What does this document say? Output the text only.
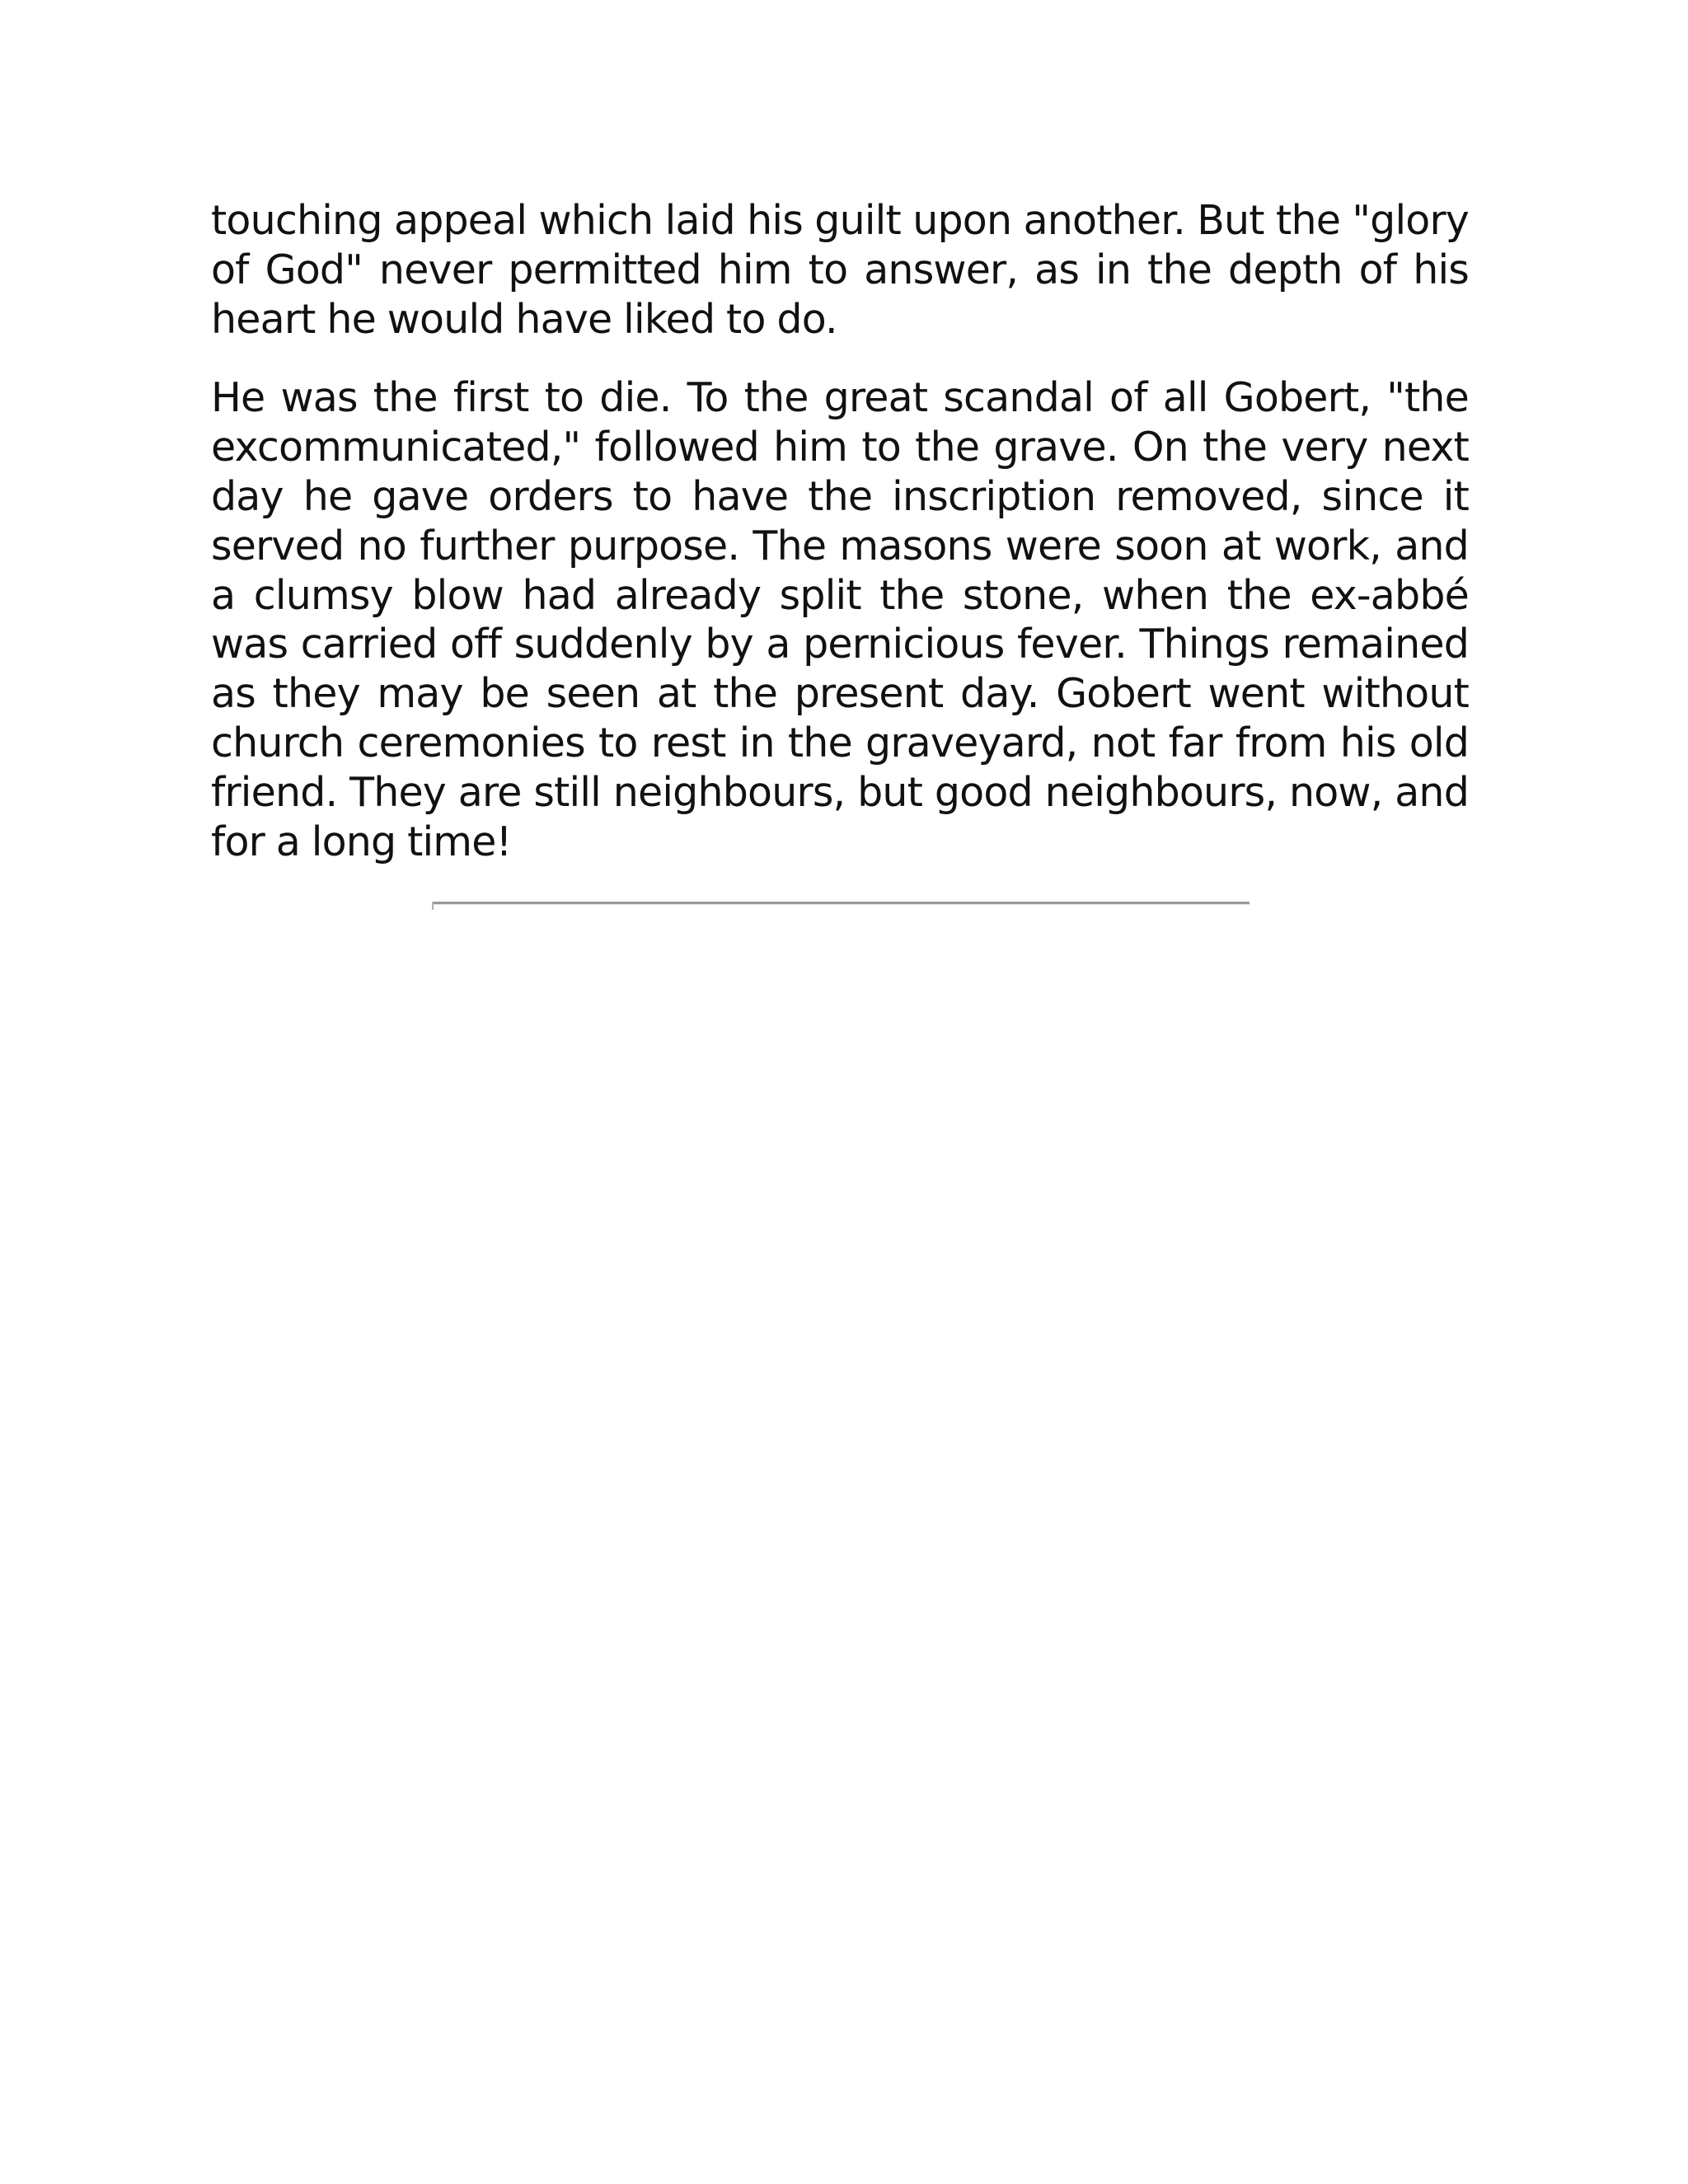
touching appeal which laid his guilt upon another. But the "glory of God" never permitted him to answer, as in the depth of his heart he would have liked to do.

He was the first to die. To the great scandal of all Gobert, "the excommunicated," followed him to the grave. On the very next day he gave orders to have the inscription removed, since it served no further purpose. The masons were soon at work, and a clumsy blow had already split the stone, when the ex-abbé was carried off suddenly by a pernicious fever. Things remained as they may be seen at the present day. Gobert went without church ceremonies to rest in the graveyard, not far from his old friend. They are still neighbours, but good neighbours, now, and for a long time!
